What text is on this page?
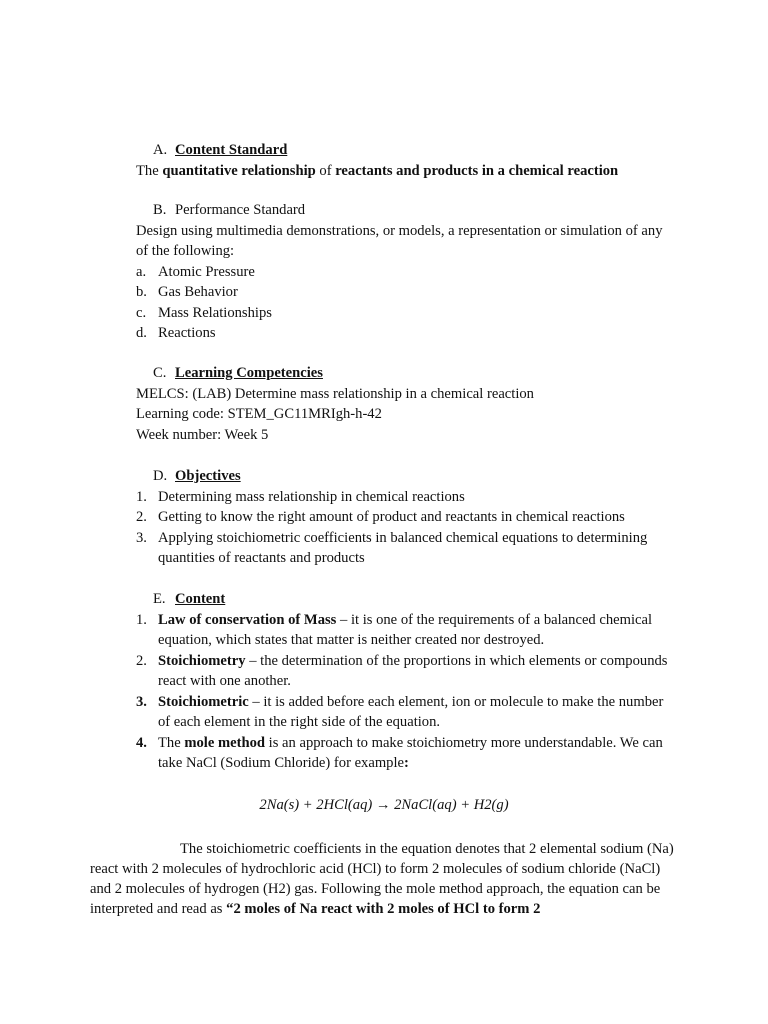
A. Content Standard
The quantitative relationship of reactants and products in a chemical reaction
B. Performance Standard
Design using multimedia demonstrations, or models, a representation or simulation of any of the following:
a. Atomic Pressure
b. Gas Behavior
c. Mass Relationships
d. Reactions
C. Learning Competencies
MELCS: (LAB) Determine mass relationship in a chemical reaction
Learning code: STEM_GC11MRIgh-h-42
Week number: Week 5
D. Objectives
1. Determining mass relationship in chemical reactions
2. Getting to know the right amount of product and reactants in chemical reactions
3. Applying stoichiometric coefficients in balanced chemical equations to determining quantities of reactants and products
E. Content
1. Law of conservation of Mass – it is one of the requirements of a balanced chemical equation, which states that matter is neither created nor destroyed.
2. Stoichiometry – the determination of the proportions in which elements or compounds react with one another.
3. Stoichiometric – it is added before each element, ion or molecule to make the number of each element in the right side of the equation.
4. The mole method is an approach to make stoichiometry more understandable. We can take NaCl (Sodium Chloride) for example:
2Na(s) + 2HCl(aq) → 2NaCl(aq) + H2(g)
The stoichiometric coefficients in the equation denotes that 2 elemental sodium (Na) react with 2 molecules of hydrochloric acid (HCl) to form 2 molecules of sodium chloride (NaCl) and 2 molecules of hydrogen (H2) gas. Following the mole method approach, the equation can be interpreted and read as “2 moles of Na react with 2 moles of HCl to form 2
